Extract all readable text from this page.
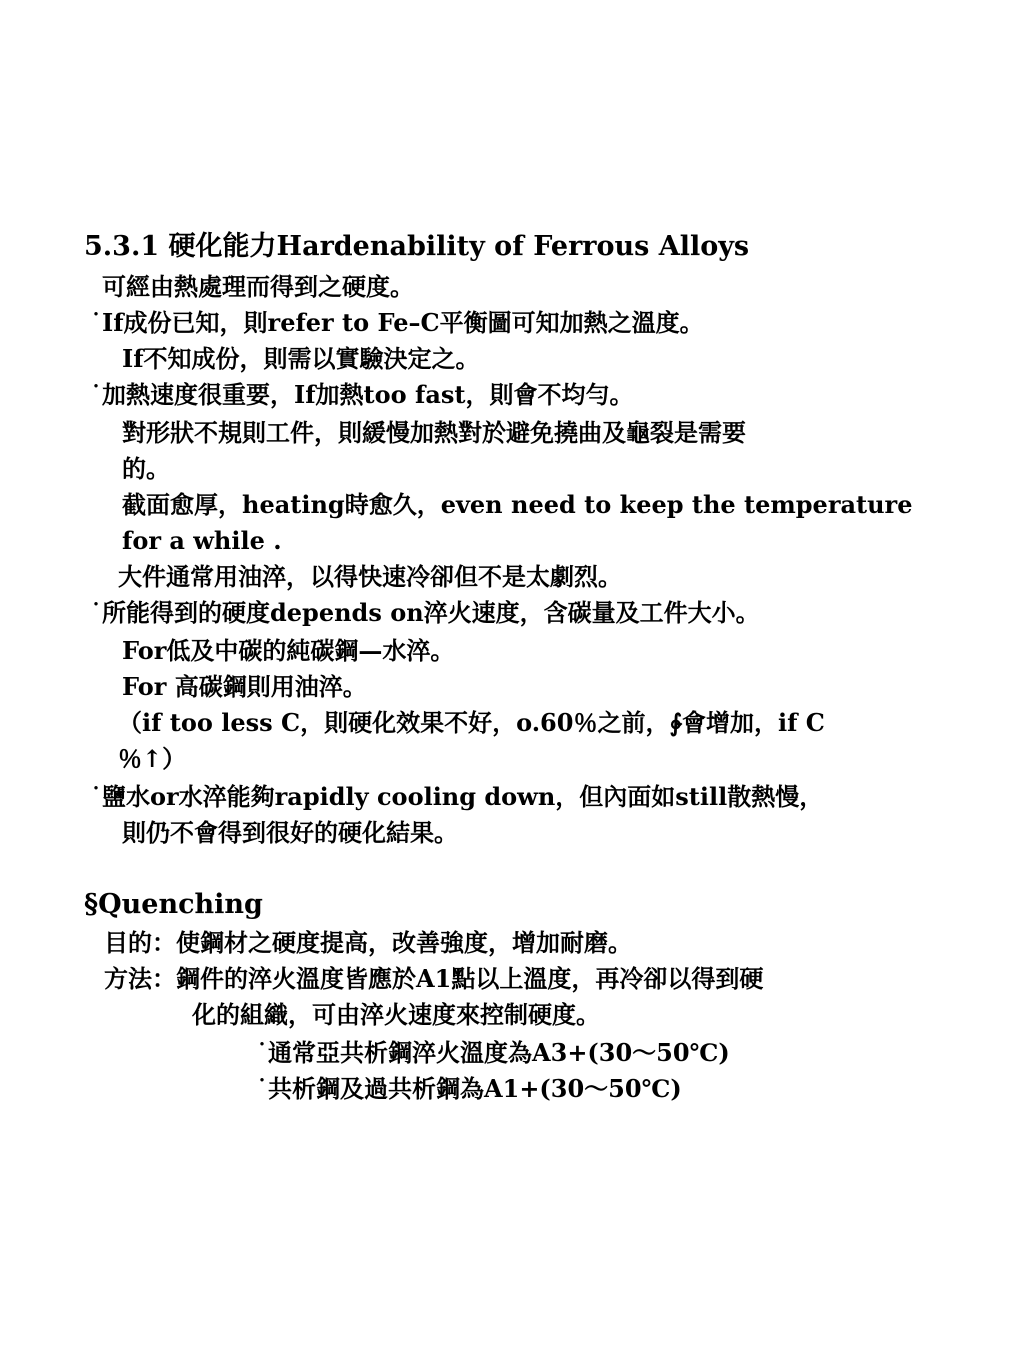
5.3.1 硬化能力Hardenability of Ferrous Alloys
可經由熱處理而得到之硬度。
˙If成份已知，則refer to Fe–C平衡圖可知加熱之溫度。
If不知成份，則需以實驗決定之。
˙加熱速度很重要，If加熱too fast，則會不均勻。
對形狀不規則工件，則緩慢加熱對於避免撓曲及龜裂是需要
的。
截面愈厚，heating時愈久，even need to keep the temperature
for a while .
大件通常用油淬，以得快速冷卻但不是太劇烈。
˙所能得到的硬度depends on淬火速度，含碳量及工件大小。
For低及中碳的純碳鋼—水淬。
For 高碳鋼則用油淬。
（if too less C，則硬化效果不好，o.60％之前，∲會增加，if C
％↑）
˙鹽水or水淬能夠rapidly cooling down，但內面如still散熱慢，
則仍不會得到很好的硬化結果。
§Quenching
目的：使鋼材之硬度提高，改善強度，增加耐磨。
方法：鋼件的淬火溫度皆應於A1點以上溫度，再冷卻以得到硬
化的組織，可由淬火速度來控制硬度。
˙通常亞共析鋼淬火溫度為A3+(30～50℃)
˙共析鋼及過共析鋼為A1+(30～50℃)
